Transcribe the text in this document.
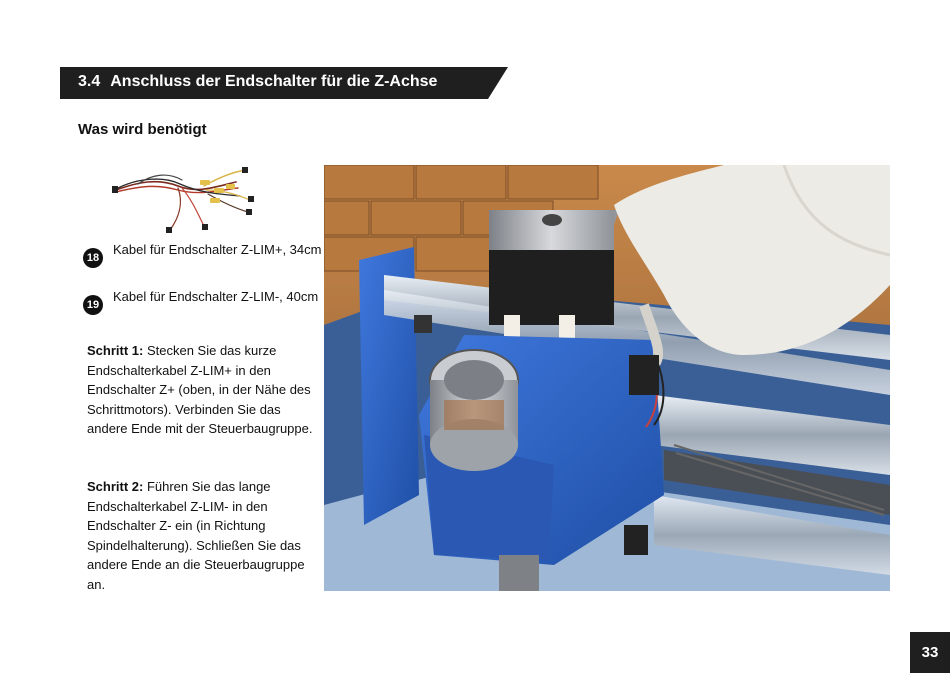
3.4 Anschluss der Endschalter für die Z-Achse
Was wird benötigt
18
Kabel für Endschalter Z-LIM+, 34cm
19
Kabel für Endschalter Z-LIM-, 40cm
Schritt 1: Stecken Sie das kurze Endschalterkabel Z-LIM+ in den Endschalter Z+ (oben, in der Nähe des Schrittmotors). Verbinden Sie das andere Ende mit der Steuerbaugruppe.
Schritt 2: Führen Sie das lange Endschalterkabel Z-LIM- in den Endschalter Z- ein (in Richtung Spindelhalterung). Schließen Sie das andere Ende an die Steuerbaugruppe an.
33
